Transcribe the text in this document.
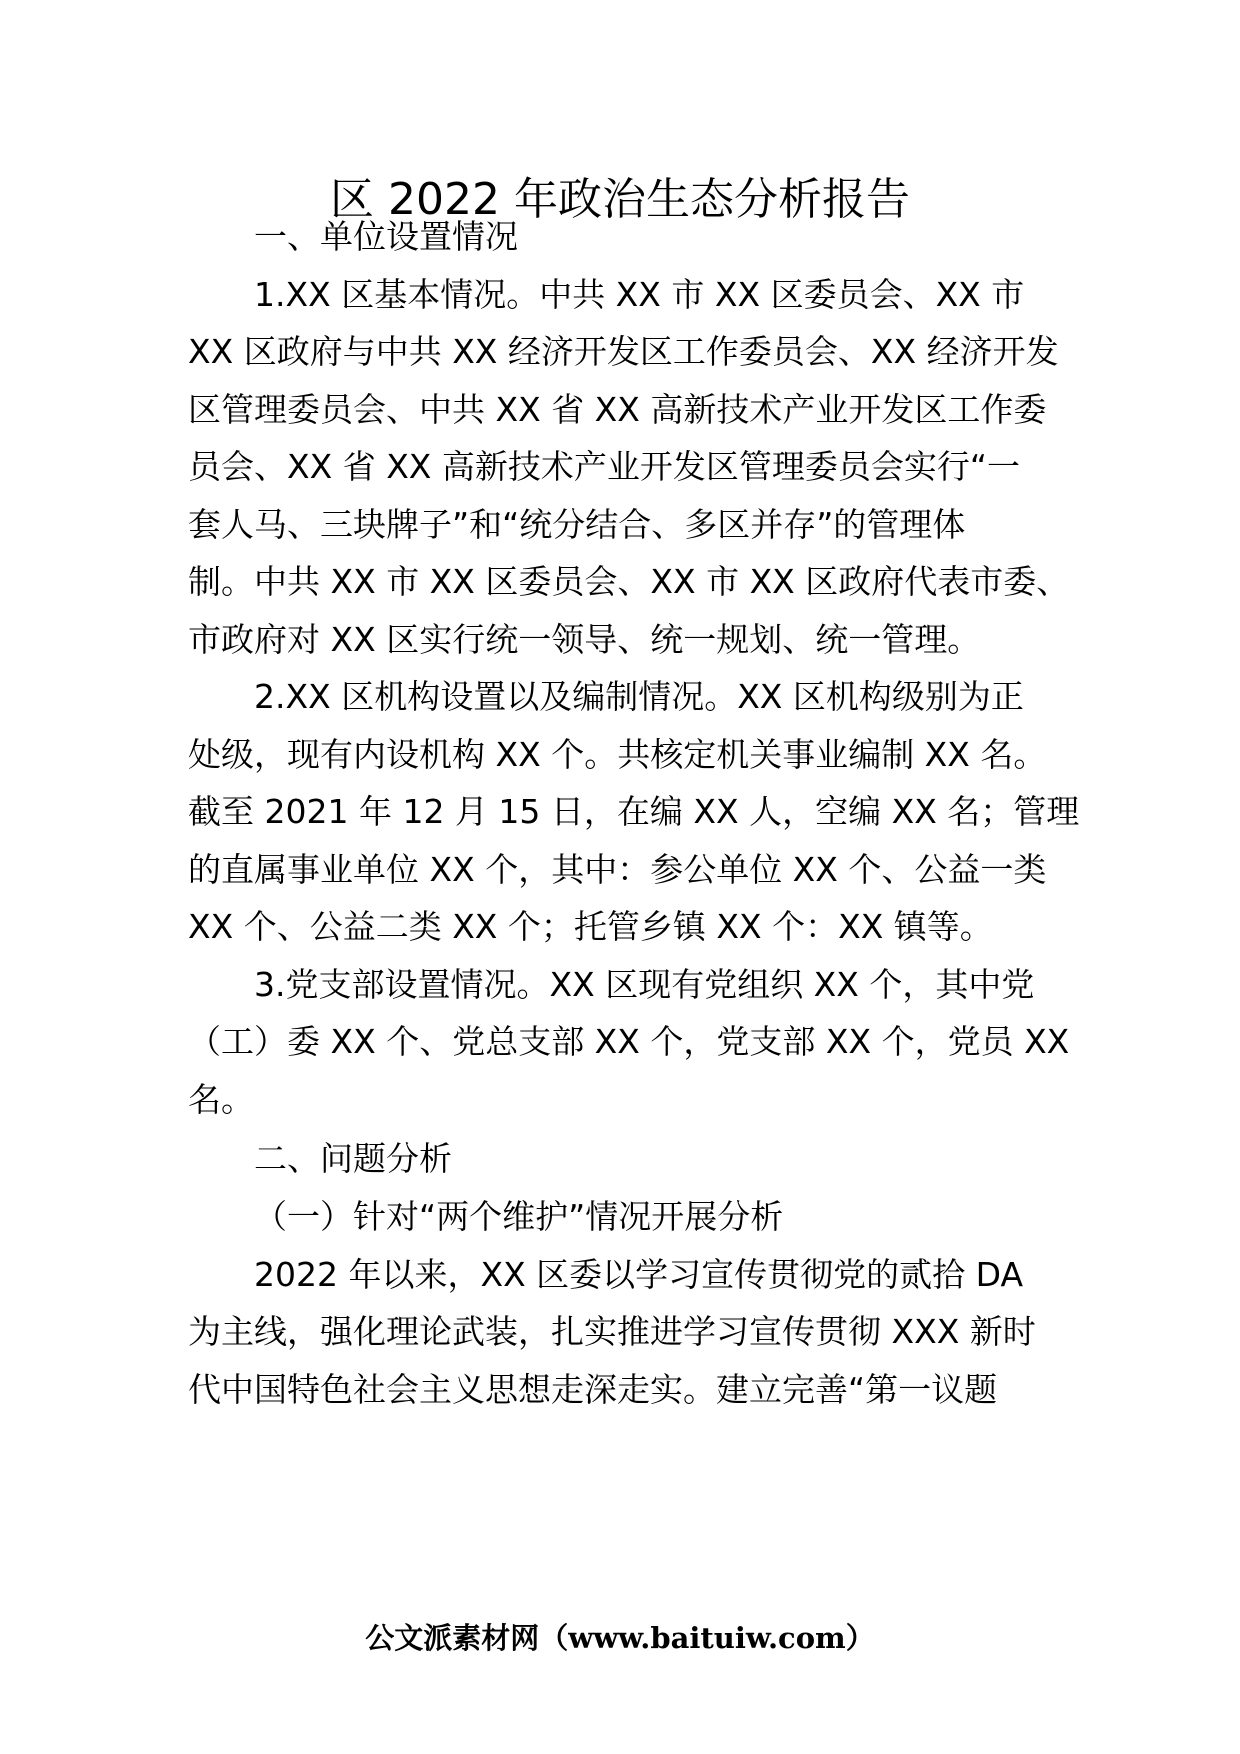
区 2022 年政治生态分析报告
一、单位设置情况
1.XX 区基本情况。中共 XX 市 XX 区委员会、XX 市
XX 区政府与中共 XX 经济开发区工作委员会、XX 经济开发
区管理委员会、中共 XX 省 XX 高新技术产业开发区工作委
员会、XX 省 XX 高新技术产业开发区管理委员会实行“一
套人马、三块牌子”和“统分结合、多区并存”的管理体
制。中共 XX 市 XX 区委员会、XX 市 XX 区政府代表市委、
市政府对 XX 区实行统一领导、统一规划、统一管理。
2.XX 区机构设置以及编制情况。XX 区机构级别为正
处级，现有内设机构 XX 个。共核定机关事业编制 XX 名。
截至 2021 年 12 月 15 日，在编 XX 人，空编 XX 名；管理
的直属事业单位 XX 个，其中：参公单位 XX 个、公益一类
XX 个、公益二类 XX 个；托管乡镇 XX 个：XX 镇等。
3.党支部设置情况。XX 区现有党组织 XX 个，其中党
（工）委 XX 个、党总支部 XX 个，党支部 XX 个，党员 XX
名。
二、问题分析
（一）针对“两个维护”情况开展分析
2022 年以来，XX 区委以学习宣传贯彻党的贰拾 DA
为主线，强化理论武装，扎实推进学习宣传贯彻 XXX 新时
代中国特色社会主义思想走深走实。建立完善“第一议题
公文派素材网（www.baituiw.com）
